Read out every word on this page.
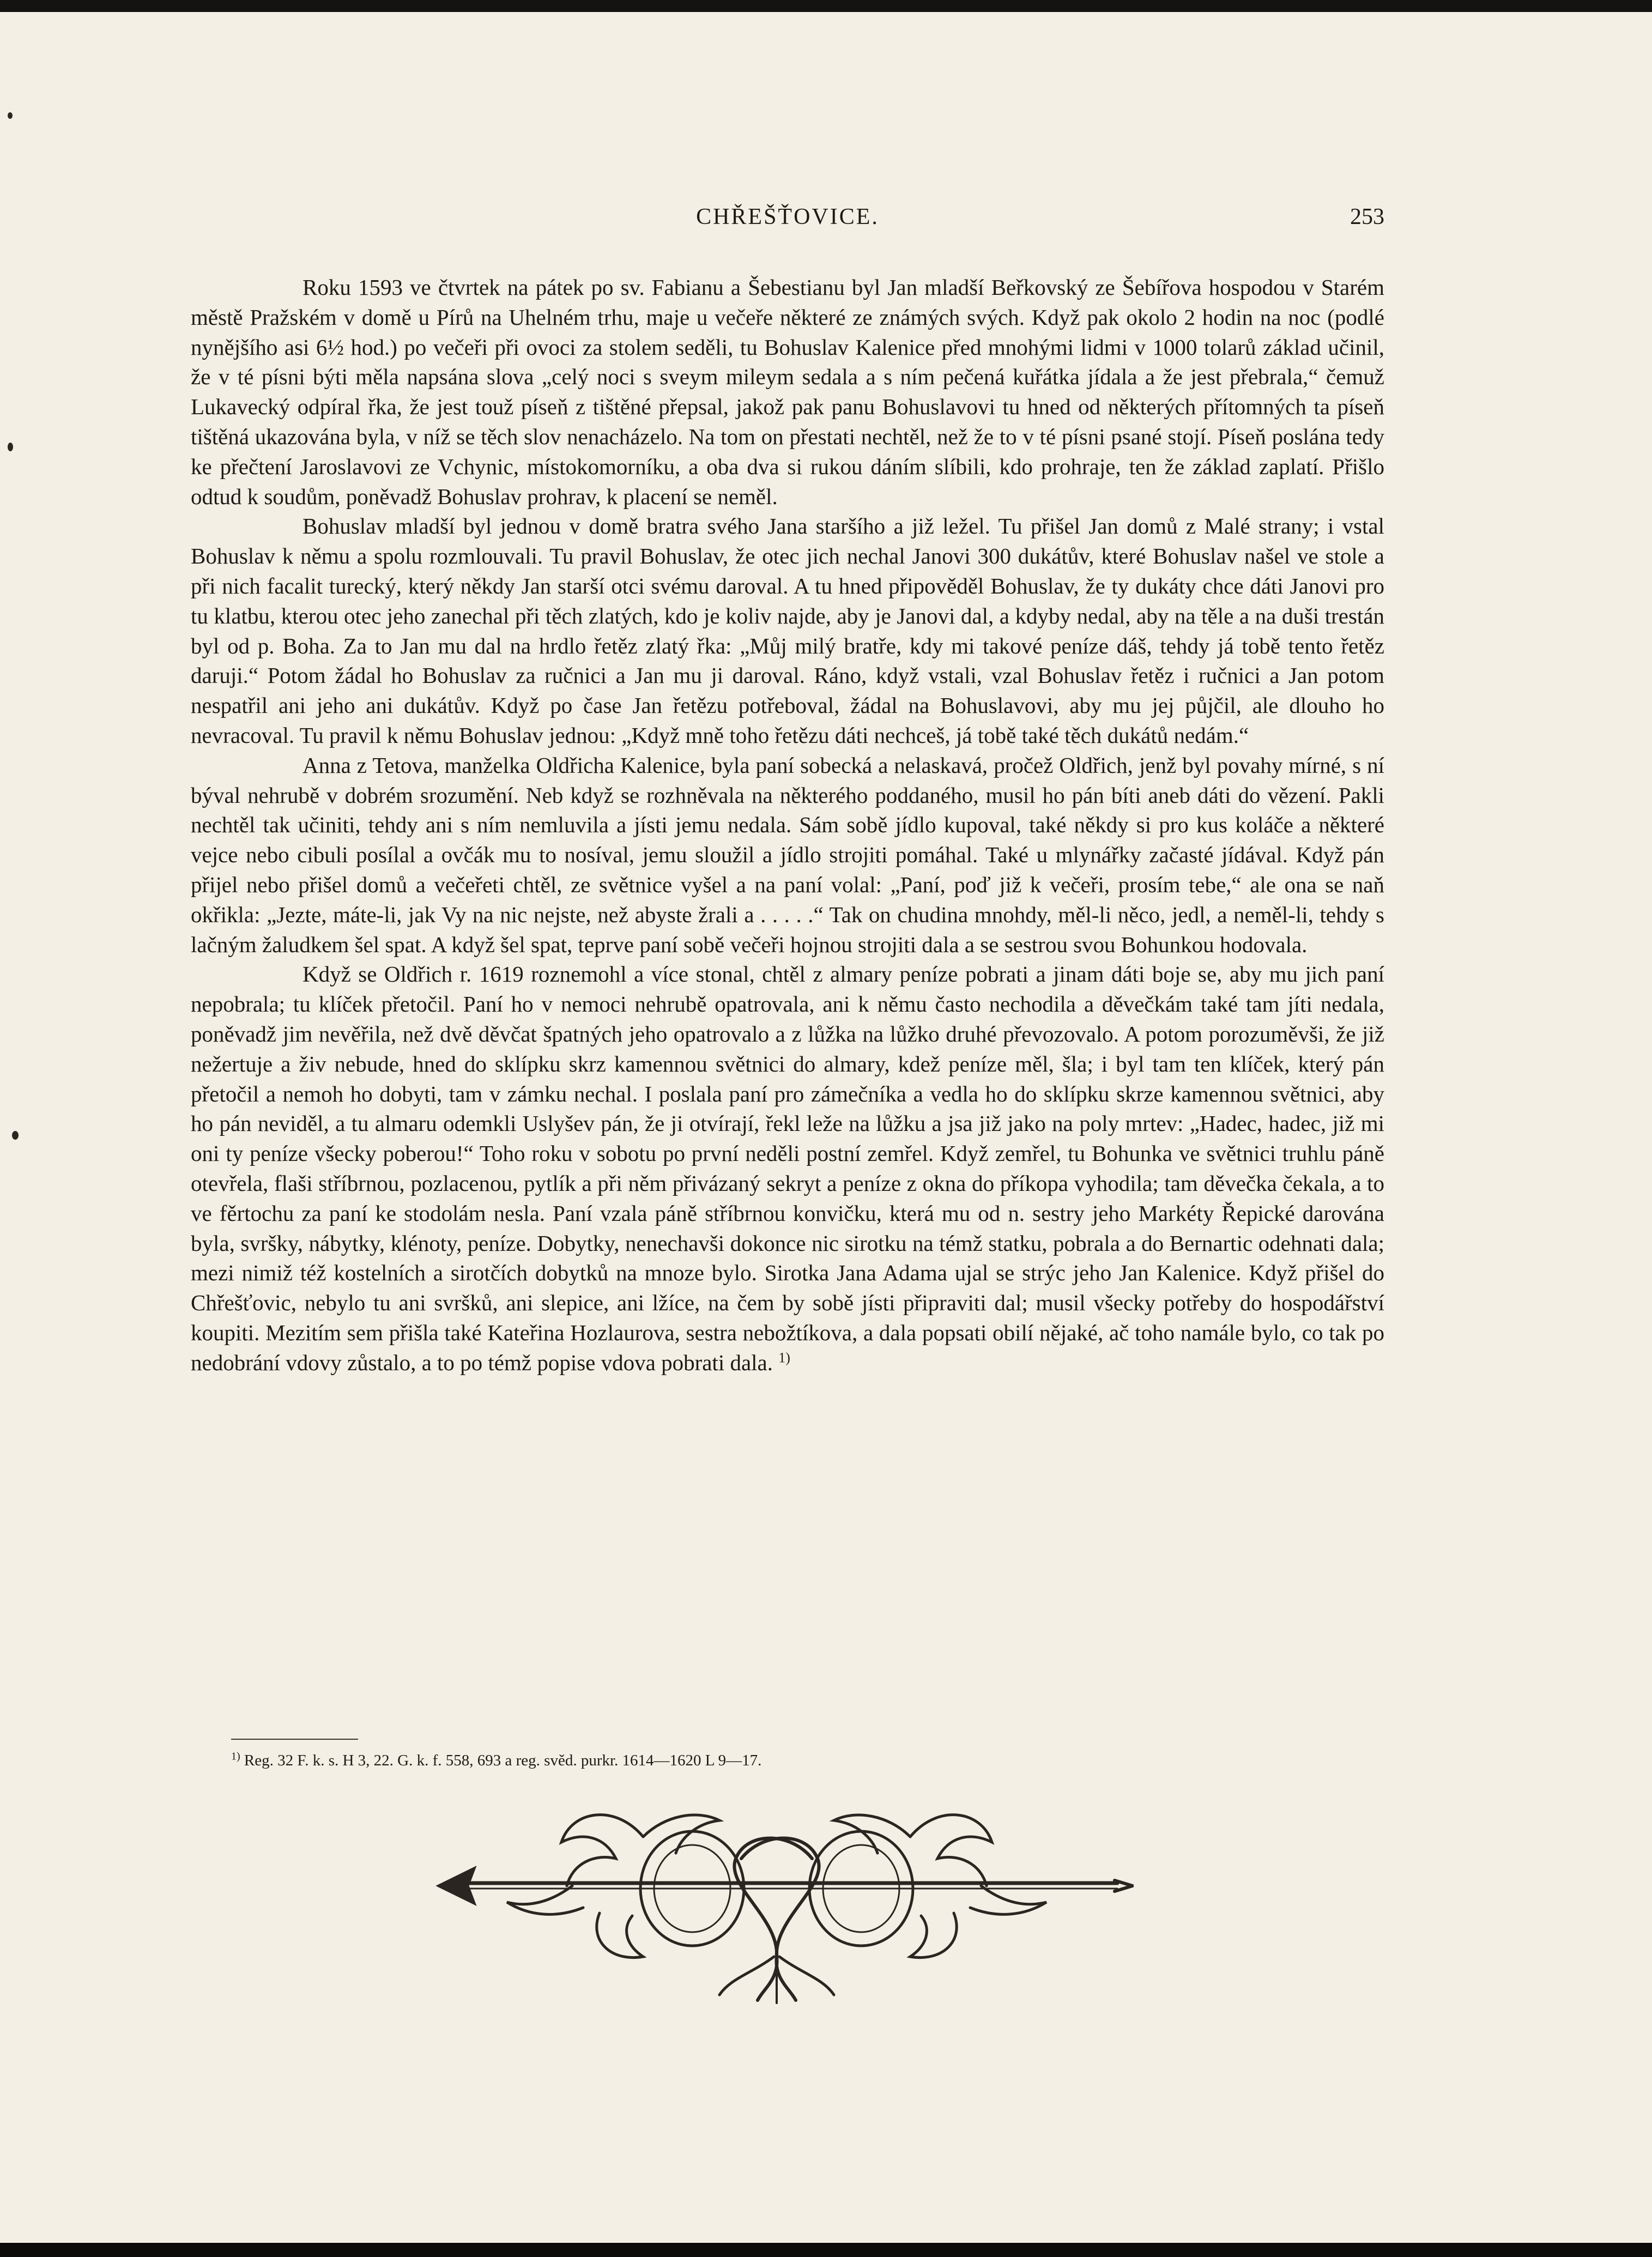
CHŘEŠŤOVICE.	253

Roku 1593 ve čtvrtek na pátek po sv. Fabianu a Šebestianu byl Jan mladší Beřkovský ze Šebířova hospodou v Starém městě Pražském v domě u Pírů na Uhelném trhu, maje u večeře některé ze známých svých. Když pak okolo 2 hodin na noc (podlé nynějšího asi 6½ hod.) po večeři při ovoci za stolem seděli, tu Bohuslav Kalenice před mnohými lidmi v 1000 tolarů základ učinil, že v té písni býti měla napsána slova „celý noci s sveym mileym sedala a s ním pečená kuřátka jídala a že jest přebrala,“ čemuž Lukavecký odpíral řka, že jest touž píseň z tištěné přepsal, jakož pak panu Bohuslavovi tu hned od některých přítomných ta píseň tištěná ukazována byla, v níž se těch slov nenacházelo. Na tom on přestati nechtěl, než že to v té písni psané stojí. Píseň poslána tedy ke přečtení Jaroslavovi ze Vchynic, místokomorníku, a oba dva si rukou dáním slíbili, kdo prohraje, ten že základ zaplatí. Přišlo odtud k soudům, poněvadž Bohuslav prohrav, k placení se neměl.

Bohuslav mladší byl jednou v domě bratra svého Jana staršího a již ležel. Tu přišel Jan domů z Malé strany; i vstal Bohuslav k němu a spolu rozmlouvali. Tu pravil Bohuslav, že otec jich nechal Janovi 300 dukátův, které Bohuslav našel ve stole a při nich facalit turecký, který někdy Jan starší otci svému daroval. A tu hned připověděl Bohuslav, že ty dukáty chce dáti Janovi pro tu klatbu, kterou otec jeho zanechal při těch zlatých, kdo je koliv najde, aby je Janovi dal, a kdyby nedal, aby na těle a na duši trestán byl od p. Boha. Za to Jan mu dal na hrdlo řetěz zlatý řka: „Můj milý bratře, kdy mi takové peníze dáš, tehdy já tobě tento řetěz daruji.“ Potom žádal ho Bohuslav za ručnici a Jan mu ji daroval. Ráno, když vstali, vzal Bohuslav řetěz i ručnici a Jan potom nespatřil ani jeho ani dukátův. Když po čase Jan řetězu potřeboval, žádal na Bohuslavovi, aby mu jej půjčil, ale dlouho ho nevracoval. Tu pravil k němu Bohuslav jednou: „Když mně toho řetězu dáti nechceš, já tobě také těch dukátů nedám.“

Anna z Tetova, manželka Oldřicha Kalenice, byla paní sobecká a nelaskavá, pročež Oldřich, jenž byl povahy mírné, s ní býval nehrubě v dobrém srozumění. Neb když se rozhněvala na některého poddaného, musil ho pán bíti aneb dáti do vězení. Pakli nechtěl tak učiniti, tehdy ani s ním nemluvila a jísti jemu nedala. Sám sobě jídlo kupoval, také někdy si pro kus koláče a některé vejce nebo cibuli posílal a ovčák mu to nosíval, jemu sloužil a jídlo strojiti pomáhal. Také u mlynářky začasté jídával. Když pán přijel nebo přišel domů a večeřeti chtěl, ze světnice vyšel a na paní volal: „Paní, poď již k večeři, prosím tebe,“ ale ona se naň okřikla: „Jezte, máte-li, jak Vy na nic nejste, než abyste žrali a . . . . .“ Tak on chudina mnohdy, měl-li něco, jedl, a neměl-li, tehdy s lačným žaludkem šel spat. A když šel spat, teprve paní sobě večeři hojnou strojiti dala a se sestrou svou Bohunkou hodovala.

Když se Oldřich r. 1619 roznemohl a více stonal, chtěl z almary peníze pobrati a jinam dáti boje se, aby mu jich paní nepobrala; tu klíček přetočil. Paní ho v nemoci nehrubě opatrovala, ani k němu často nechodila a děvečkám také tam jíti nedala, poněvadž jim nevěřila, než dvě děvčat špatných jeho opatrovalo a z lůžka na lůžko druhé převozovalo. A potom porozuměvši, že již nežertuje a živ nebude, hned do sklípku skrz kamennou světnici do almary, kdež peníze měl, šla; i byl tam ten klíček, který pán přetočil a nemoh ho dobyti, tam v zámku nechal. I poslala paní pro zámečníka a vedla ho do sklípku skrze kamennou světnici, aby ho pán neviděl, a tu almaru odemkli Uslyšev pán, že ji otvírají, řekl leže na lůžku a jsa již jako na poly mrtev: „Hadec, hadec, již mi oni ty peníze všecky poberou!“ Toho roku v sobotu po první neděli postní zemřel. Když zemřel, tu Bohunka ve světnici truhlu páně otevřela, flaši stříbrnou, pozlacenou, pytlík a při něm přivázaný sekryt a peníze z okna do příkopa vyhodila; tam děvečka čekala, a to ve fěrtochu za paní ke stodolám nesla. Paní vzala páně stříbrnou konvičku, která mu od n. sestry jeho Markéty Řepické darována byla, svršky, nábytky, klénoty, peníze. Dobytky, nenechavši dokonce nic sirotku na témž statku, pobrala a do Bernartic odehnati dala; mezi nimiž též kostelních a sirotčích dobytků na mnoze bylo. Sirotka Jana Adama ujal se strýc jeho Jan Kalenice. Když přišel do Chřešťovic, nebylo tu ani svršků, ani slepice, ani lžíce, na čem by sobě jísti připraviti dal; musil všecky potřeby do hospodářství koupiti. Mezitím sem přišla také Kateřina Hozlaurova, sestra nebožtíkova, a dala popsati obilí nějaké, ač toho namále bylo, co tak po nedobrání vdovy zůstalo, a to po témž popise vdova pobrati dala. $^{1)}$

$^{1)}$ Reg. 32 F. k. s. H 3, 22. G. k. f. 558, 693 a reg. svěd. purkr. 1614—1620 L 9—17.
